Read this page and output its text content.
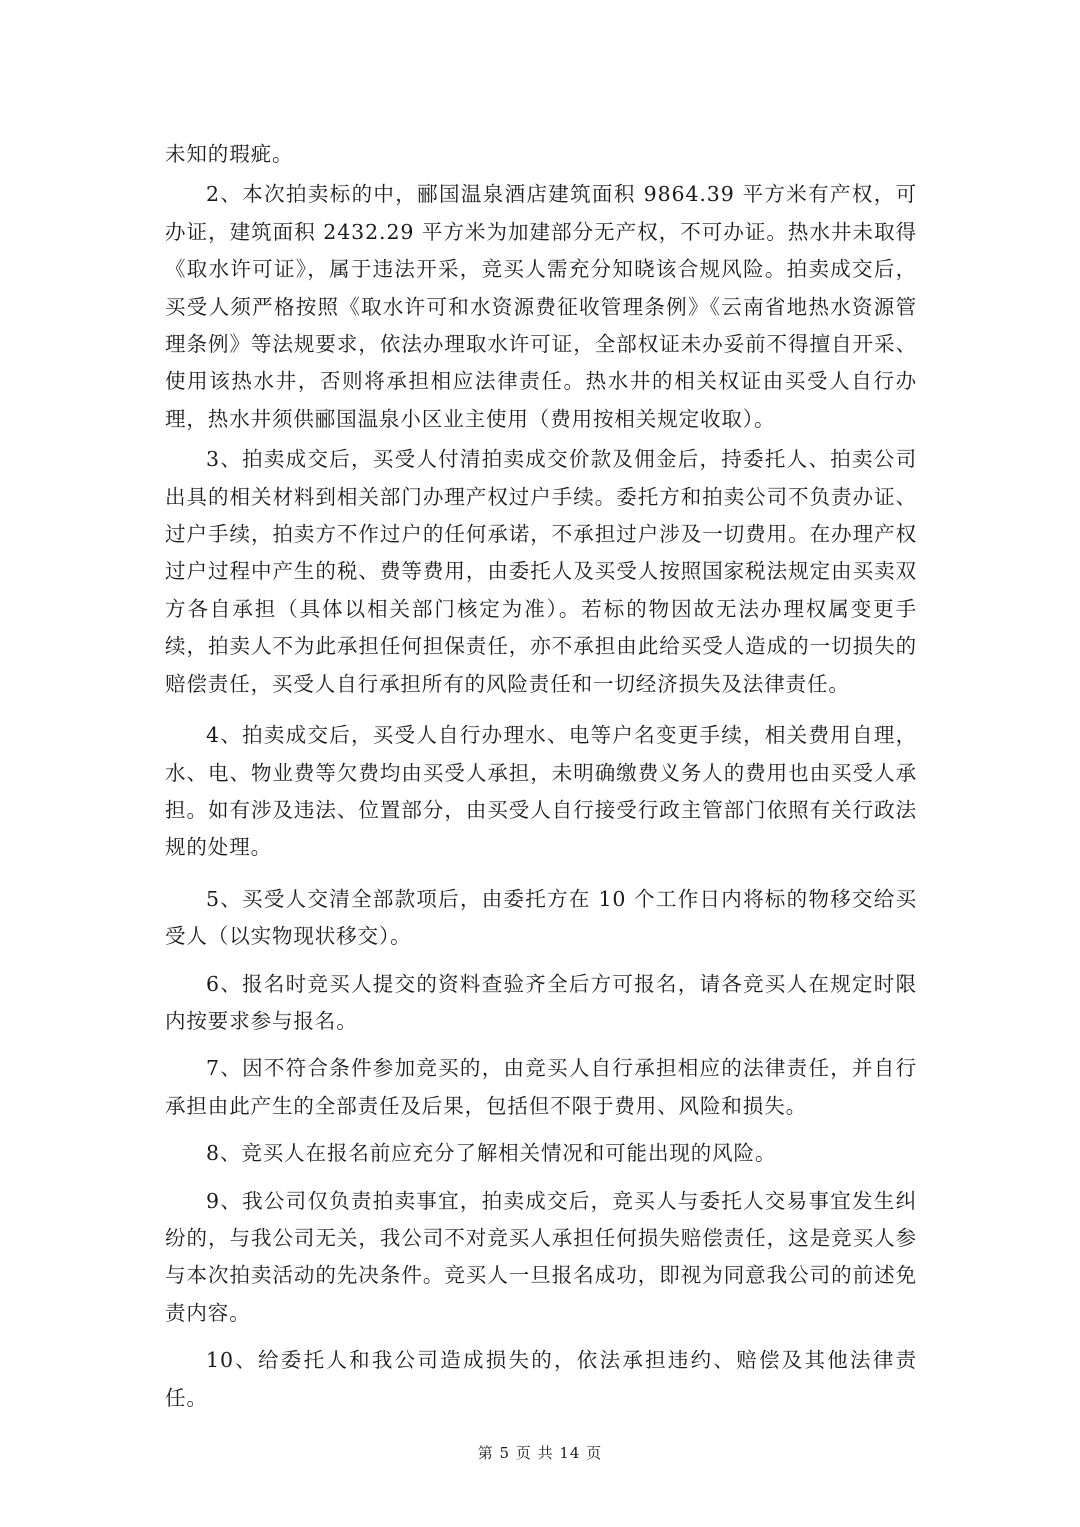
未知的瑕疵。

2、本次拍卖标的中，郦国温泉酒店建筑面积 9864.39 平方米有产权，可办证，建筑面积 2432.29 平方米为加建部分无产权，不可办证。热水井未取得《取水许可证》，属于违法开采，竞买人需充分知晓该合规风险。拍卖成交后，买受人须严格按照《取水许可和水资源费征收管理条例》《云南省地热水资源管理条例》等法规要求，依法办理取水许可证，全部权证未办妥前不得擅自开采、使用该热水井，否则将承担相应法律责任。热水井的相关权证由买受人自行办理，热水井须供郦国温泉小区业主使用（费用按相关规定收取）。

3、拍卖成交后，买受人付清拍卖成交价款及佣金后，持委托人、拍卖公司出具的相关材料到相关部门办理产权过户手续。委托方和拍卖公司不负责办证、过户手续，拍卖方不作过户的任何承诺，不承担过户涉及一切费用。在办理产权过户过程中产生的税、费等费用，由委托人及买受人按照国家税法规定由买卖双方各自承担（具体以相关部门核定为准）。若标的物因故无法办理权属变更手续，拍卖人不为此承担任何担保责任，亦不承担由此给买受人造成的一切损失的赔偿责任，买受人自行承担所有的风险责任和一切经济损失及法律责任。

4、拍卖成交后，买受人自行办理水、电等户名变更手续，相关费用自理，水、电、物业费等欠费均由买受人承担，未明确缴费义务人的费用也由买受人承担。如有涉及违法、位置部分，由买受人自行接受行政主管部门依照有关行政法规的处理。

5、买受人交清全部款项后，由委托方在 10 个工作日内将标的物移交给买受人（以实物现状移交）。

6、报名时竞买人提交的资料查验齐全后方可报名，请各竞买人在规定时限内按要求参与报名。

7、因不符合条件参加竞买的，由竞买人自行承担相应的法律责任，并自行承担由此产生的全部责任及后果，包括但不限于费用、风险和损失。

8、竞买人在报名前应充分了解相关情况和可能出现的风险。

9、我公司仅负责拍卖事宜，拍卖成交后，竞买人与委托人交易事宜发生纠纷的，与我公司无关，我公司不对竞买人承担任何损失赔偿责任，这是竞买人参与本次拍卖活动的先决条件。竞买人一旦报名成功，即视为同意我公司的前述免责内容。

10、给委托人和我公司造成损失的，依法承担违约、赔偿及其他法律责任。

第 5 页 共 14 页
